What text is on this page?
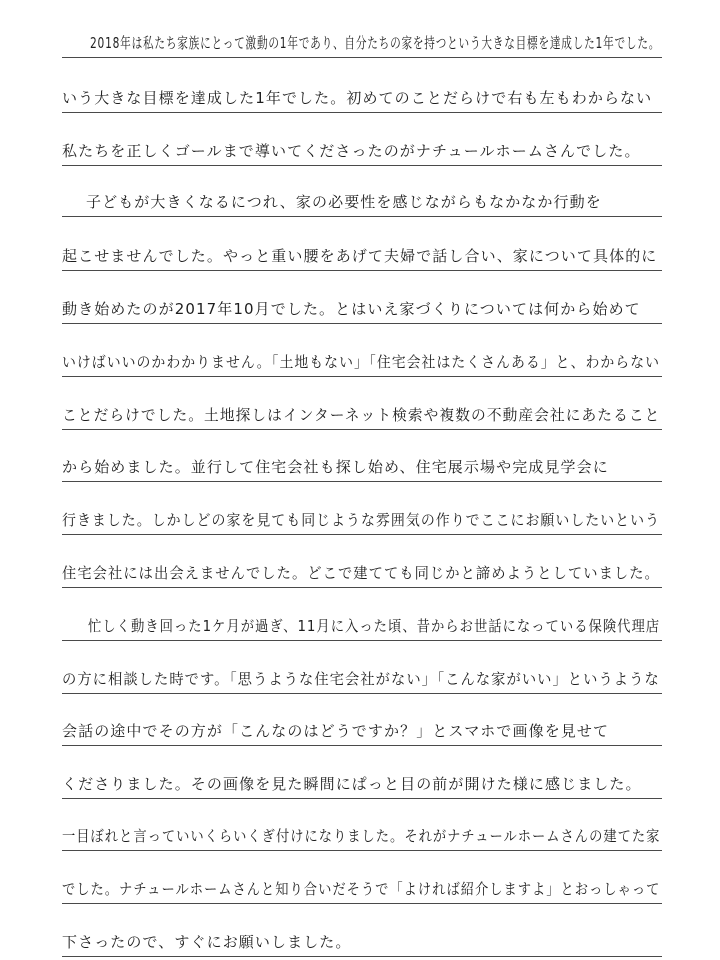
2018年は私たち家族にとって激動の1年であり、自分たちの家を持つという大きな目標を達成した1年でした。
いう大きな目標を達成した1年でした。初めてのことだらけで右も左もわからない
私たちを正しくゴールまで導いてくださったのがナチュールホームさんでした。
子どもが大きくなるにつれ、家の必要性を感じながらもなかなか行動を
起こせませんでした。やっと重い腰をあげて夫婦で話し合い、家について具体的に
動き始めたのが2017年10月でした。とはいえ家づくりについては何から始めて
いけばいいのかわかりません。「土地もない」「住宅会社はたくさんある」と、わからない
ことだらけでした。土地探しはインターネット検索や複数の不動産会社にあたること
から始めました。並行して住宅会社も探し始め、住宅展示場や完成見学会に
行きました。しかしどの家を見ても同じような雰囲気の作りでここにお願いしたいという
住宅会社には出会えませんでした。どこで建てても同じかと諦めようとしていました。
忙しく動き回った1ケ月が過ぎ、11月に入った頃、昔からお世話になっている保険代理店
の方に相談した時です。「思うような住宅会社がない」「こんな家がいい」というような
会話の途中でその方が「こんなのはどうですか？」とスマホで画像を見せて
くださりました。その画像を見た瞬間にぱっと目の前が開けた様に感じました。
一目ぼれと言っていいくらいくぎ付けになりました。それがナチュールホームさんの建てた家
でした。ナチュールホームさんと知り合いだそうで「よければ紹介しますよ」とおっしゃって
下さったので、すぐにお願いしました。
